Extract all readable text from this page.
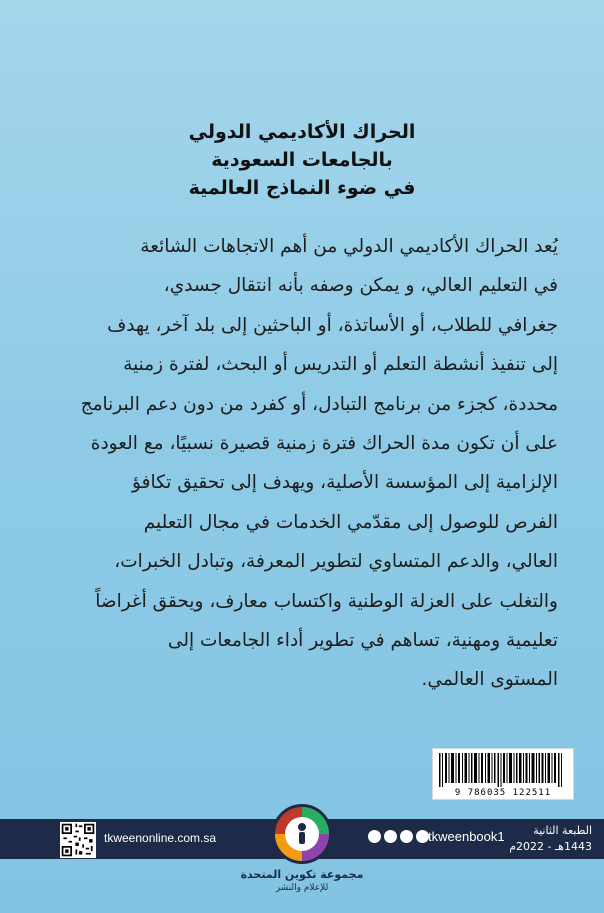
الحراك الأكاديمي الدولي
بالجامعات السعودية
في ضوء النماذج العالمية
يُعد الحراك الأكاديمي الدولي من أهم الاتجاهات الشائعة
في التعليم العالي، و يمكن وصفه بأنه انتقال جسدي،
جغرافي للطلاب، أو الأساتذة، أو الباحثين إلى بلد آخر، يهدف
إلى تنفيذ أنشطة التعلم أو التدريس أو البحث، لفترة زمنية
محددة، كجزء من برنامج التبادل، أو كفرد من دون دعم البرنامج
على أن تكون مدة الحراك فترة زمنية قصيرة نسبيًا، مع العودة
الإلزامية إلى المؤسسة الأصلية، ويهدف إلى تحقيق تكافؤ
الفرص للوصول إلى مقدّمي الخدمات في مجال التعليم
العالي، والدعم المتساوي لتطوير المعرفة، وتبادل الخبرات،
والتغلب على العزلة الوطنية واكتساب معارف، ويحقق أغراضاً
تعليمية ومهنية، تساهم في تطوير أداء الجامعات إلى
المستوى العالمي.
9 786035 122511
tkweenonline.com.sa	tkweenbook1	الطبعة الثانية
1443هـ - 2022م
مجموعة تكوين المتحدة
للإعلام والنشر
